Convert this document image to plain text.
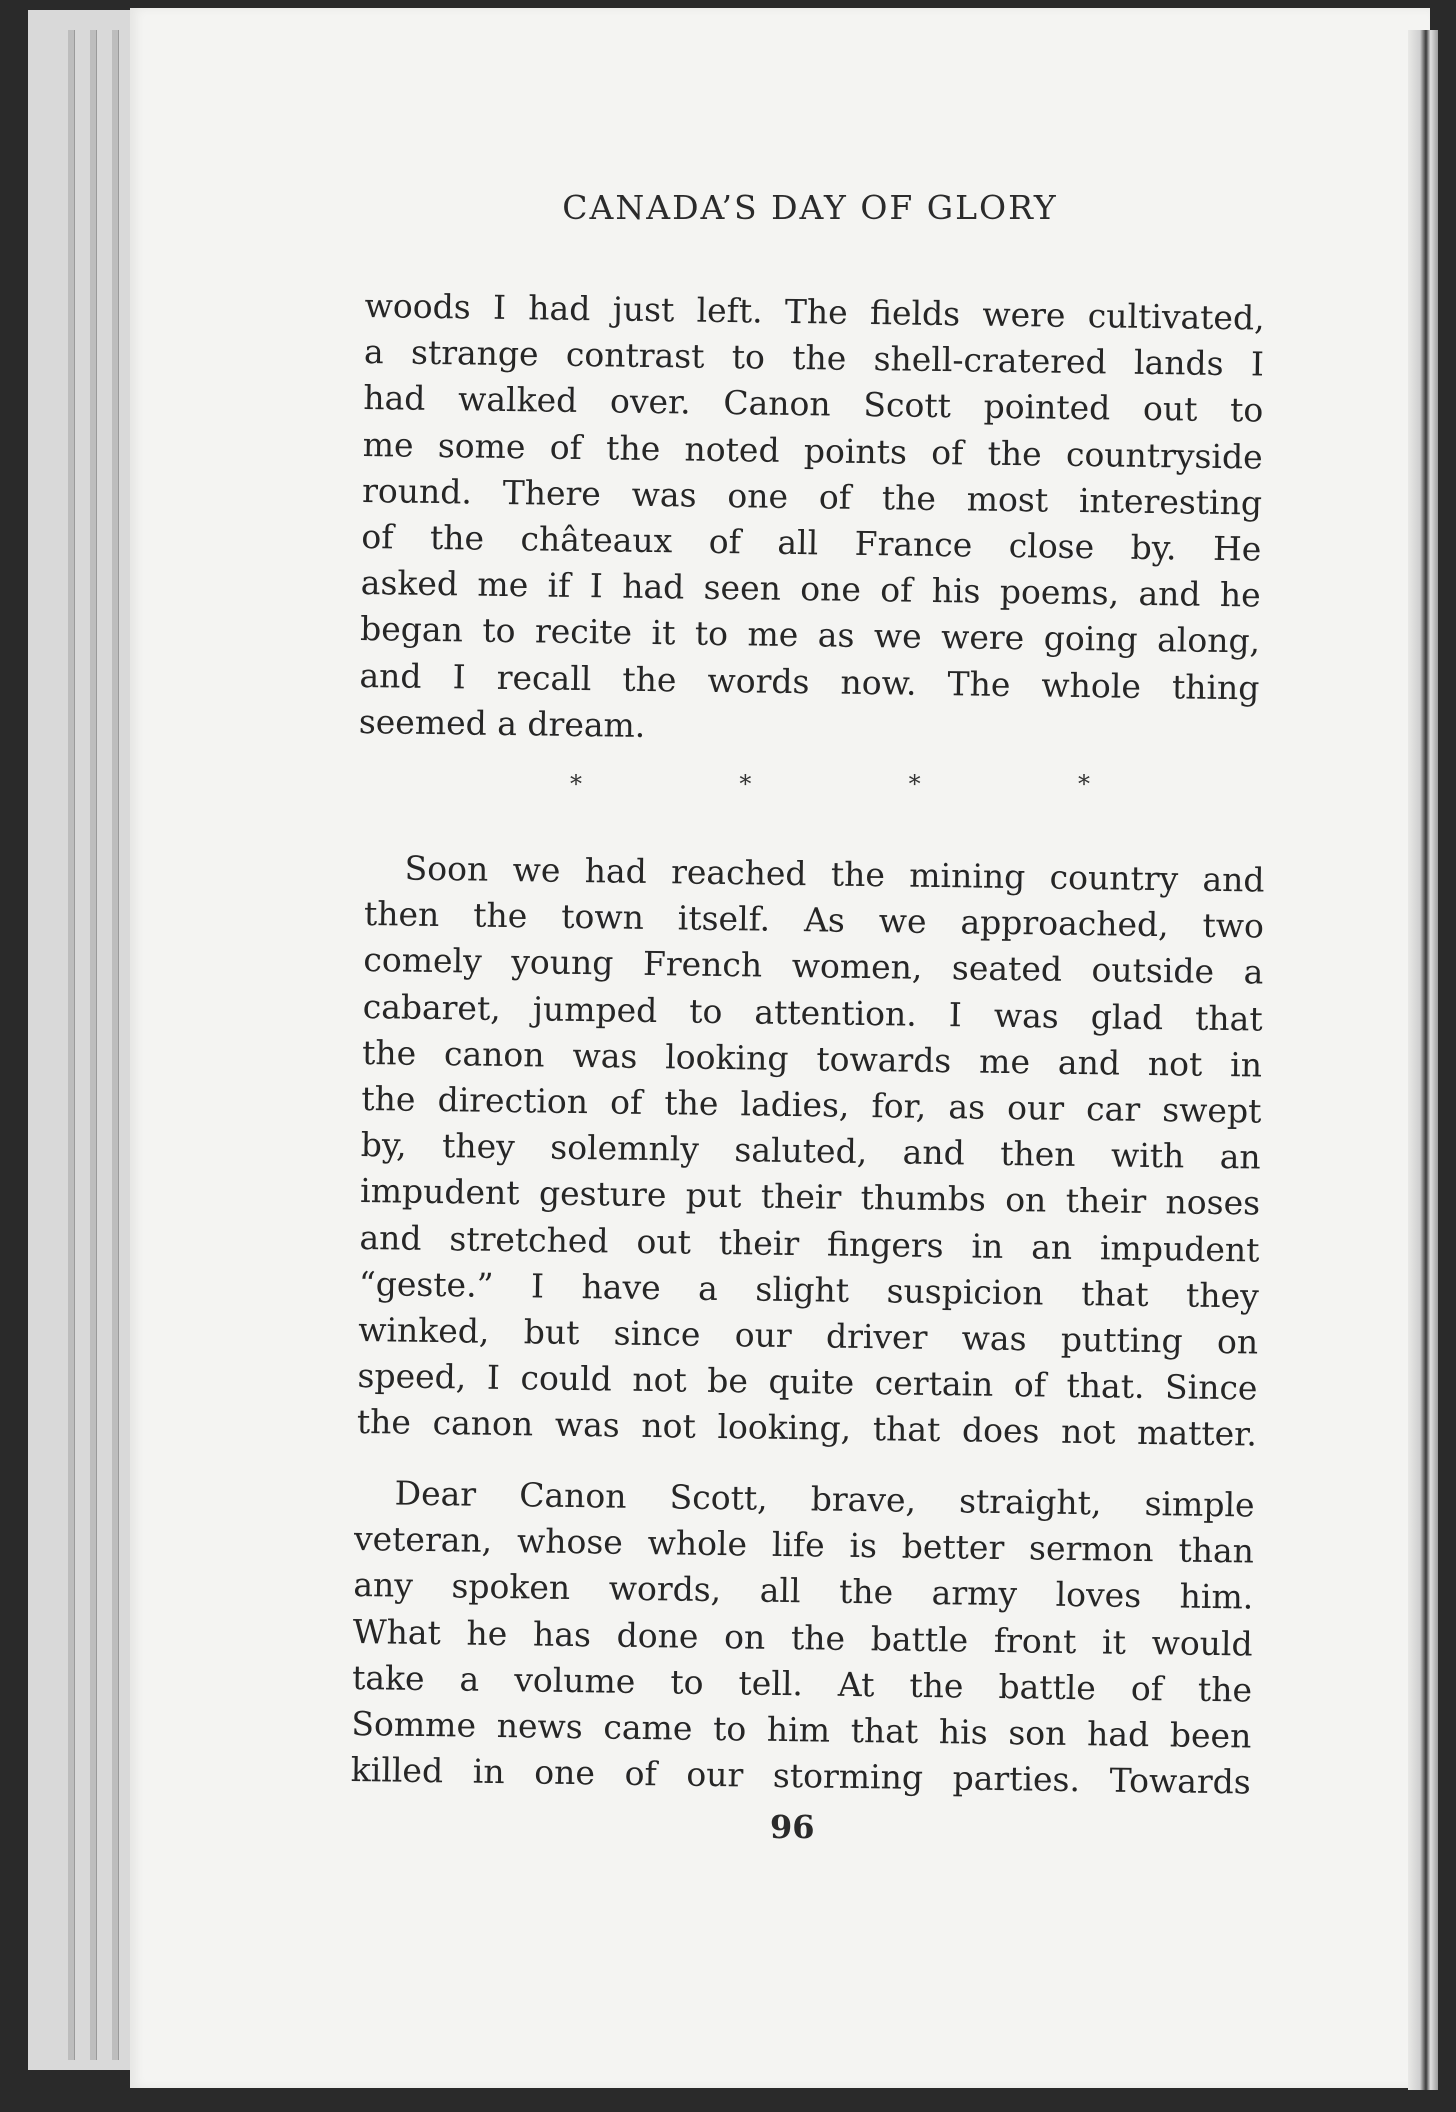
CANADA’S DAY OF GLORY
woods I had just left. The fields were cultivated,
a strange contrast to the shell-cratered lands I
had walked over. Canon Scott pointed out to
me some of the noted points of the countryside
round. There was one of the most interesting
of the châteaux of all France close by. He
asked me if I had seen one of his poems, and he
began to recite it to me as we were going along,
and I recall the words now. The whole thing
seemed a dream.
*	*	*	*
Soon we had reached the mining country and
then the town itself. As we approached, two
comely young French women, seated outside a
cabaret, jumped to attention. I was glad that
the canon was looking towards me and not in
the direction of the ladies, for, as our car swept
by, they solemnly saluted, and then with an
impudent gesture put their thumbs on their noses
and stretched out their fingers in an impudent
“geste.” I have a slight suspicion that they
winked, but since our driver was putting on
speed, I could not be quite certain of that. Since
the canon was not looking, that does not matter.
Dear Canon Scott, brave, straight, simple
veteran, whose whole life is better sermon than
any spoken words, all the army loves him.
What he has done on the battle front it would
take a volume to tell. At the battle of the
Somme news came to him that his son had been
killed in one of our storming parties. Towards
96
